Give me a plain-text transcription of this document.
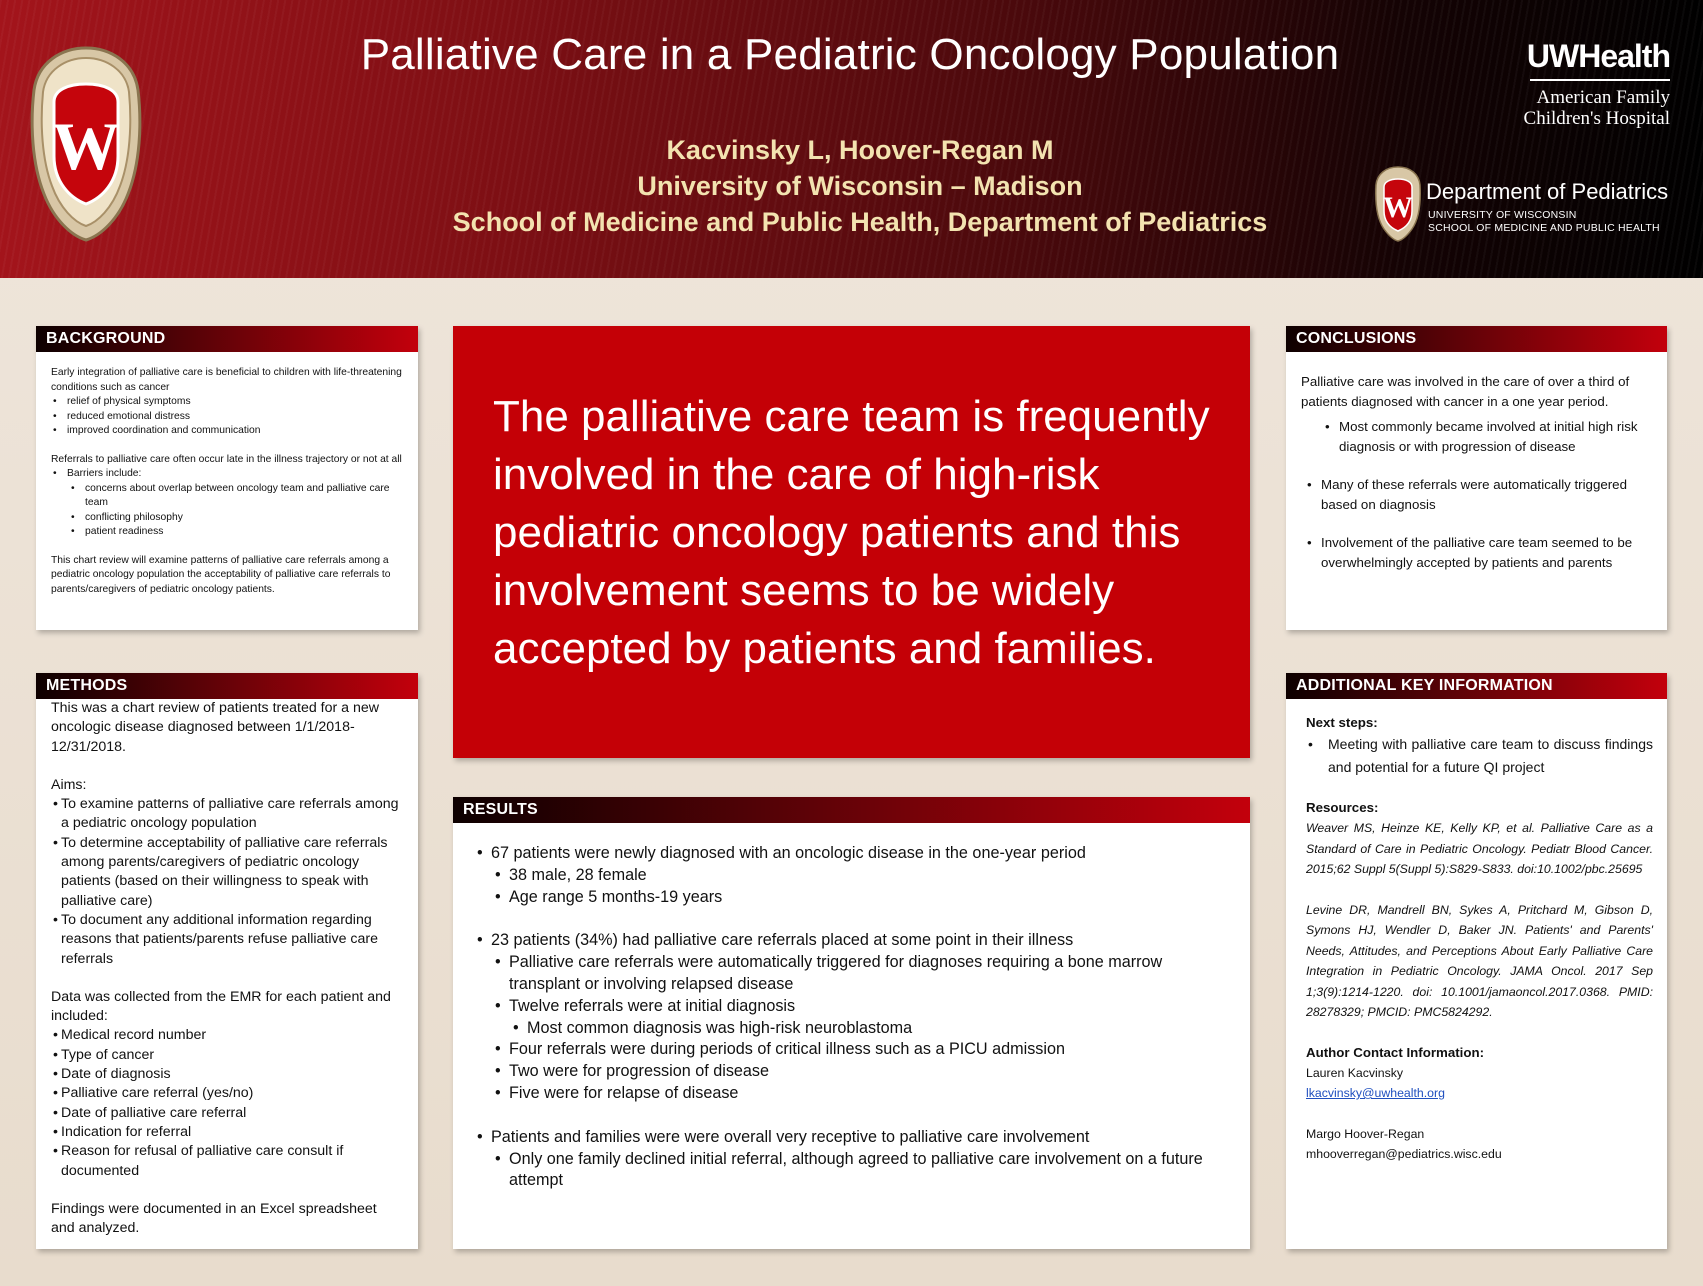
W
Palliative Care in a Pediatric Oncology Population
Kacvinsky L, Hoover-Regan M
University of Wisconsin – Madison
School of Medicine and Public Health, Department of Pediatrics
UWHealth
American Family
Children's Hospital
W Department of Pediatrics
UNIVERSITY OF WISCONSIN
SCHOOL OF MEDICINE AND PUBLIC HEALTH
BACKGROUND
Early integration of palliative care is beneficial to children with life-threatening conditions such as cancer
• relief of physical symptoms
• reduced emotional distress
• improved coordination and communication
Referrals to palliative care often occur late in the illness trajectory or not at all
• Barriers include:
• concerns about overlap between oncology team and palliative care team
• conflicting philosophy
• patient readiness
This chart review will examine patterns of palliative care referrals among a pediatric oncology population the acceptability of palliative care referrals to parents/caregivers of pediatric oncology patients.
METHODS
This was a chart review of patients treated for a new oncologic disease diagnosed between 1/1/2018-12/31/2018.
Aims:
• To examine patterns of palliative care referrals among a pediatric oncology population
• To determine acceptability of palliative care referrals among parents/caregivers of pediatric oncology patients (based on their willingness to speak with palliative care)
• To document any additional information regarding reasons that patients/parents refuse palliative care referrals
Data was collected from the EMR for each patient and included:
• Medical record number
• Type of cancer
• Date of diagnosis
• Palliative care referral (yes/no)
• Date of palliative care referral
• Indication for referral
• Reason for refusal of palliative care consult if documented
Findings were documented in an Excel spreadsheet and analyzed.
The palliative care team is frequently involved in the care of high-risk pediatric oncology patients and this involvement seems to be widely accepted by patients and families.
RESULTS
• 67 patients were newly diagnosed with an oncologic disease in the one-year period
• 38 male, 28 female
• Age range 5 months-19 years
• 23 patients (34%) had palliative care referrals placed at some point in their illness
• Palliative care referrals were automatically triggered for diagnoses requiring a bone marrow transplant or involving relapsed disease
• Twelve referrals were at initial diagnosis
• Most common diagnosis was high-risk neuroblastoma
• Four referrals were during periods of critical illness such as a PICU admission
• Two were for progression of disease
• Five were for relapse of disease
• Patients and families were were overall very receptive to palliative care involvement
• Only one family declined initial referral, although agreed to palliative care involvement on a future attempt
CONCLUSIONS
Palliative care was involved in the care of over a third of patients diagnosed with cancer in a one year period.
• Most commonly became involved at initial high risk diagnosis or with progression of disease
• Many of these referrals were automatically triggered based on diagnosis
• Involvement of the palliative care team seemed to be overwhelmingly accepted by patients and parents
ADDITIONAL KEY INFORMATION
Next steps:
• Meeting with palliative care team to discuss findings and potential for a future QI project
Resources:
Weaver MS, Heinze KE, Kelly KP, et al. Palliative Care as a Standard of Care in Pediatric Oncology. Pediatr Blood Cancer. 2015;62 Suppl 5(Suppl 5):S829-S833. doi:10.1002/pbc.25695
Levine DR, Mandrell BN, Sykes A, Pritchard M, Gibson D, Symons HJ, Wendler D, Baker JN. Patients' and Parents' Needs, Attitudes, and Perceptions About Early Palliative Care Integration in Pediatric Oncology. JAMA Oncol. 2017 Sep 1;3(9):1214-1220. doi: 10.1001/jamaoncol.2017.0368. PMID: 28278329; PMCID: PMC5824292.
Author Contact Information:
Lauren Kacvinsky
lkacvinsky@uwhealth.org
Margo Hoover-Regan
mhooverregan@pediatrics.wisc.edu
